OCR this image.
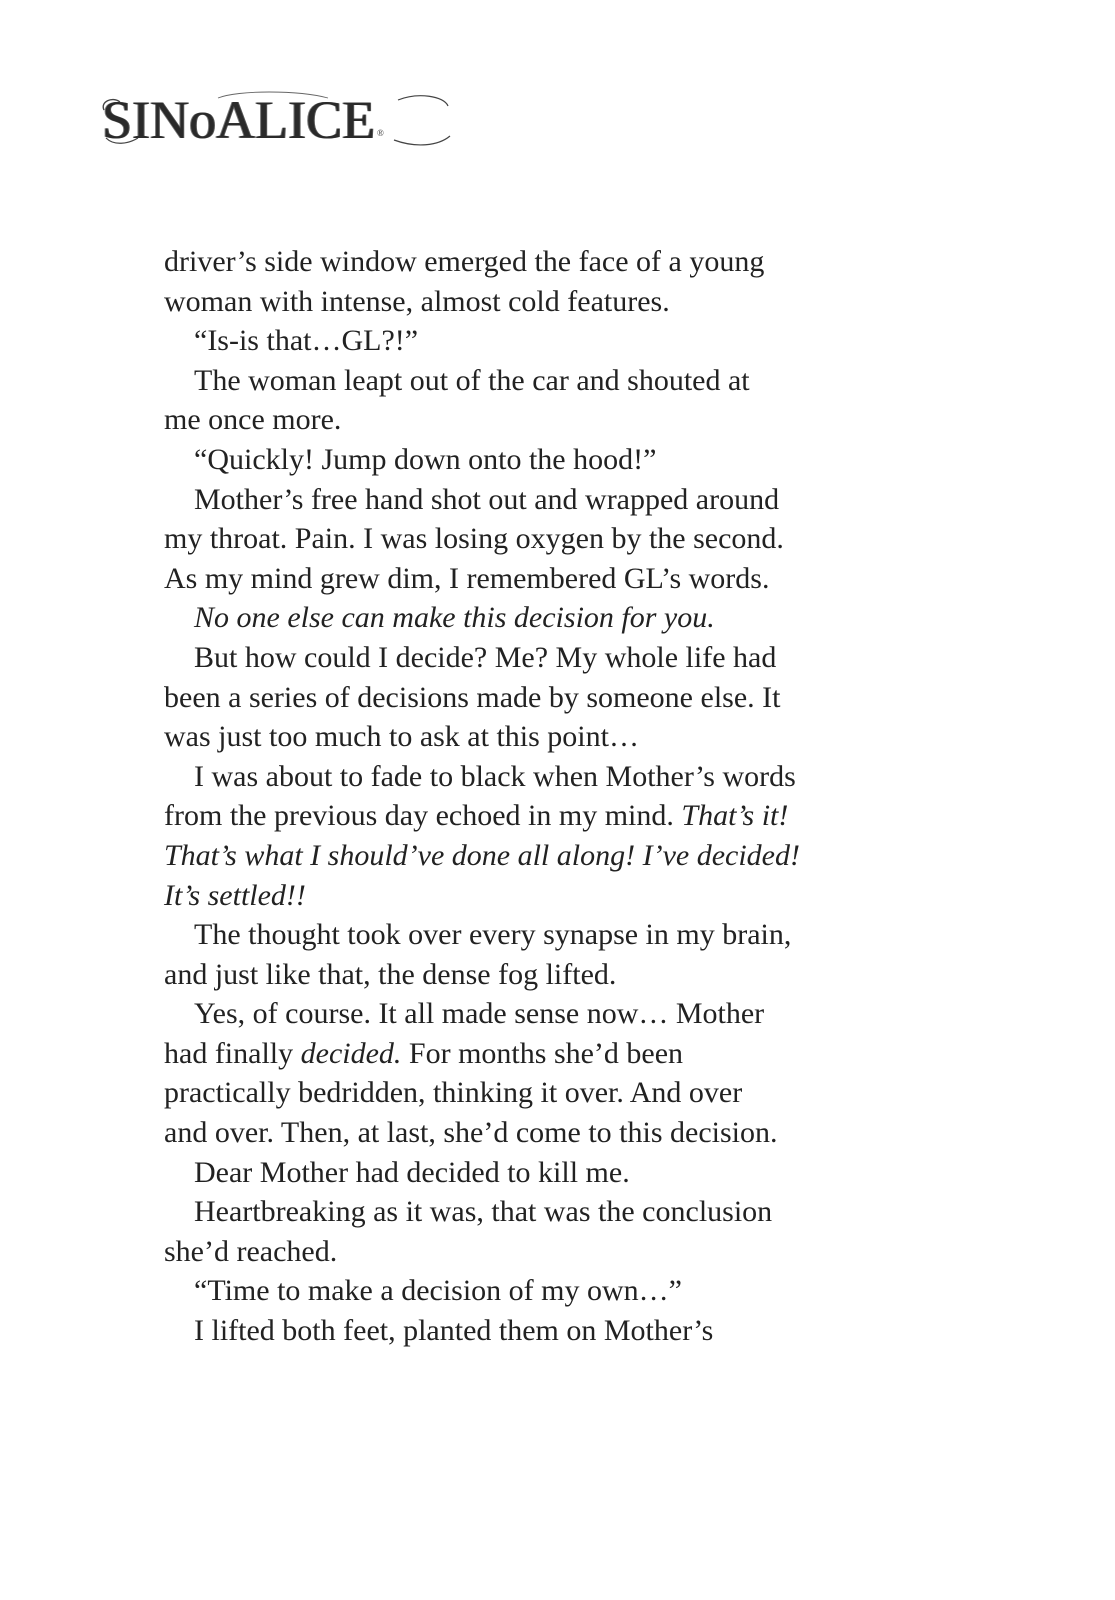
SINoALICE ®
driver’s side window emerged the face of a young
woman with intense, almost cold features.
“Is-is that…GL?!”
The woman leapt out of the car and shouted at
me once more.
“Quickly! Jump down onto the hood!”
Mother’s free hand shot out and wrapped around
my throat. Pain. I was losing oxygen by the second.
As my mind grew dim, I remembered GL’s words.
No one else can make this decision for you.
But how could I decide? Me? My whole life had
been a series of decisions made by someone else. It
was just too much to ask at this point…
I was about to fade to black when Mother’s words
from the previous day echoed in my mind. That’s it!
That’s what I should’ve done all along! I’ve decided!
It’s settled!!
The thought took over every synapse in my brain,
and just like that, the dense fog lifted.
Yes, of course. It all made sense now… Mother
had finally decided. For months she’d been
practically bedridden, thinking it over. And over
and over. Then, at last, she’d come to this decision.
Dear Mother had decided to kill me.
Heartbreaking as it was, that was the conclusion
she’d reached.
“Time to make a decision of my own…”
I lifted both feet, planted them on Mother’s
